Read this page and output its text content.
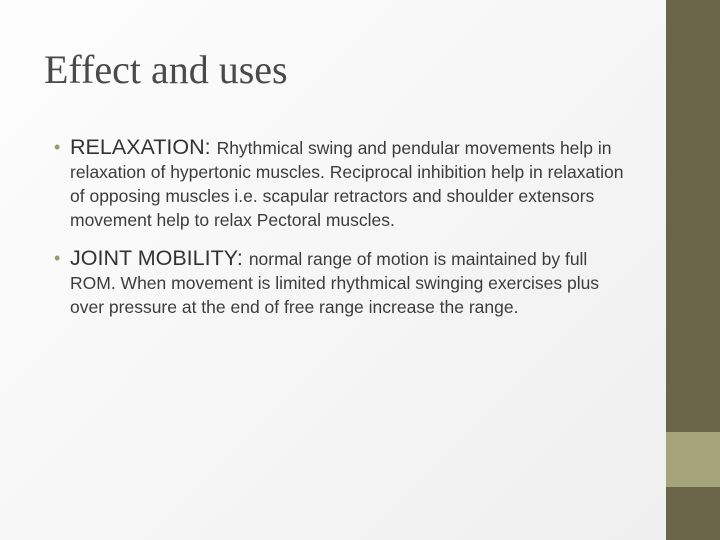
Effect and uses
• RELAXATION: Rhythmical swing and pendular movements help in relaxation of hypertonic muscles. Reciprocal inhibition help in relaxation of opposing muscles i.e. scapular retractors and shoulder extensors movement help to relax Pectoral muscles.
• JOINT MOBILITY: normal range of motion is maintained by full ROM. When movement is limited rhythmical swinging exercises plus over pressure at the end of free range increase the range.
